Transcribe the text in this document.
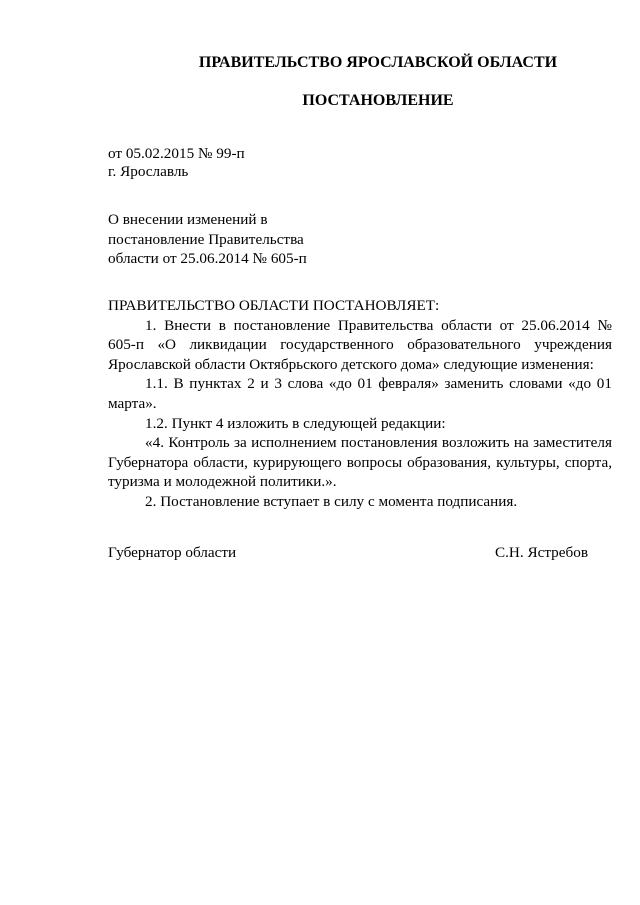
ПРАВИТЕЛЬСТВО ЯРОСЛАВСКОЙ ОБЛАСТИ
ПОСТАНОВЛЕНИЕ
от 05.02.2015 № 99-п
г. Ярославль
О внесении изменений в
постановление Правительства
области от 25.06.2014 № 605-п

ПРАВИТЕЛЬСТВО ОБЛАСТИ ПОСТАНОВЛЯЕТ:

1. Внести в постановление Правительства области от 25.06.2014 № 605-п «О ликвидации государственного образовательного учреждения Ярославской области Октябрьского детского дома» следующие изменения:

1.1. В пунктах 2 и 3 слова «до 01 февраля» заменить словами «до 01 марта».

1.2. Пункт 4 изложить в следующей редакции:

«4. Контроль за исполнением постановления возложить на заместителя Губернатора области, курирующего вопросы образования, культуры, спорта, туризма и молодежной политики.».

2. Постановление вступает в силу с момента подписания.

Губернатор области	С.Н. Ястребов
